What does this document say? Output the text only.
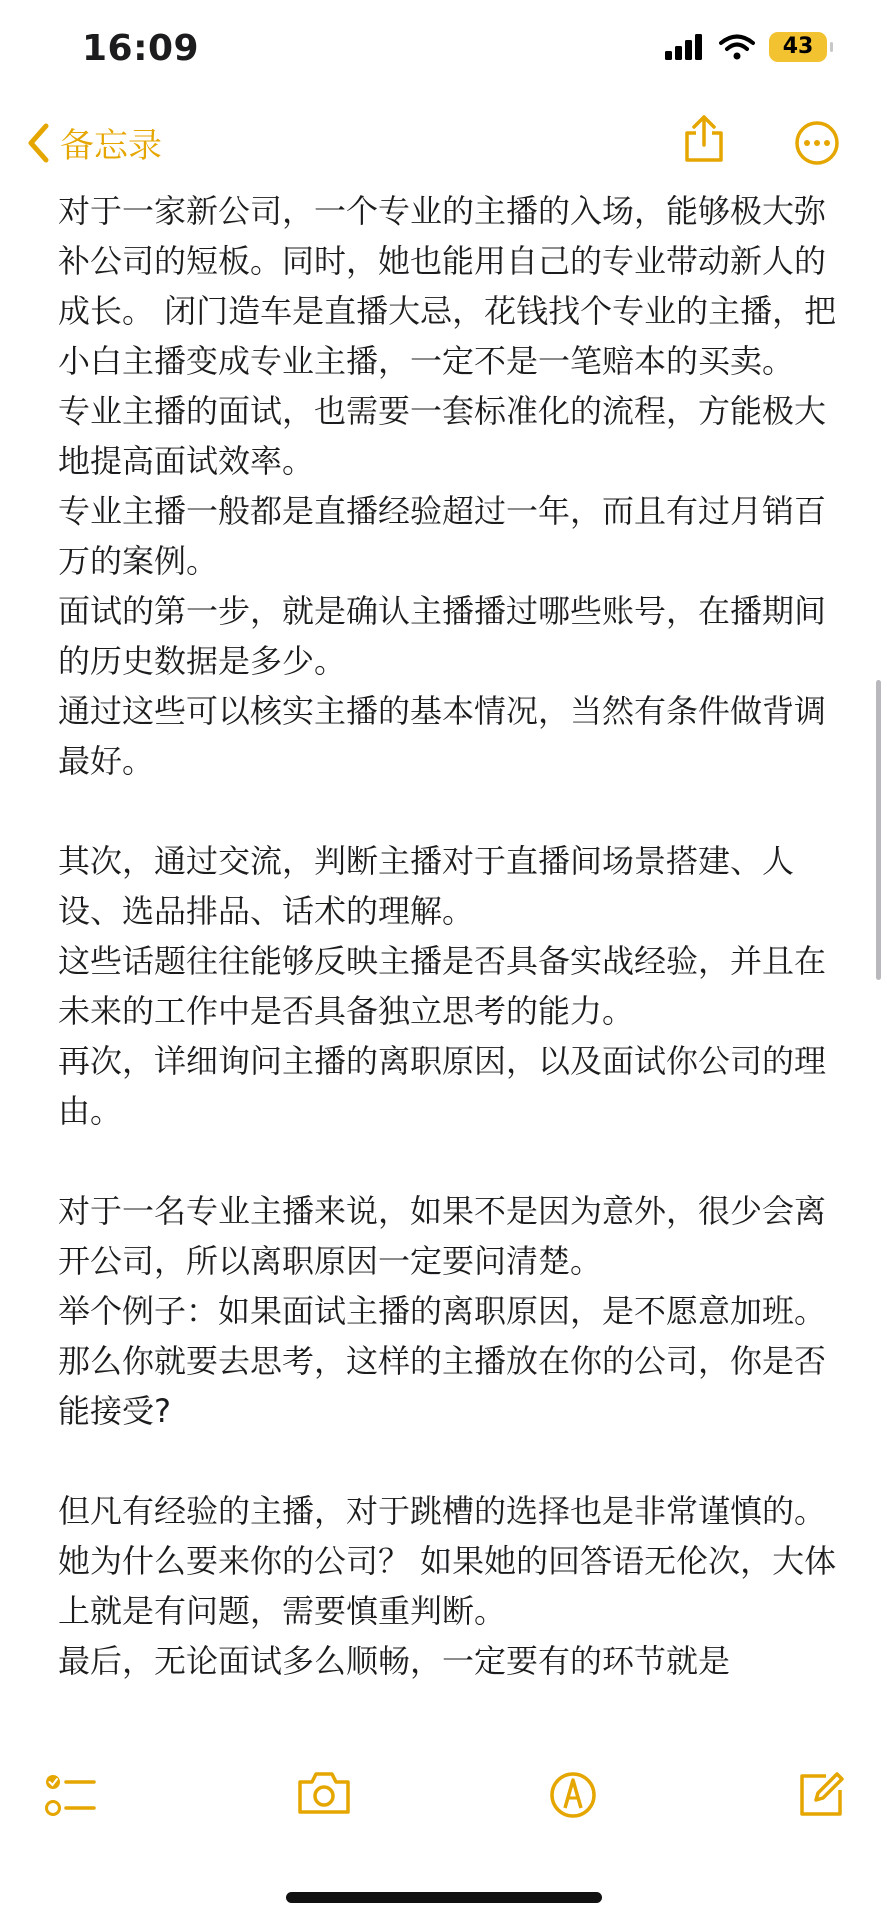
16:09	43
备忘录

对于一家新公司，一个专业的主播的入场，能够极大弥补公司的短板。同时，她也能用自己的专业带动新人的成长。 闭门造车是直播大忌，花钱找个专业的主播，把小白主播变成专业主播，一定不是一笔赔本的买卖。

专业主播的面试，也需要一套标准化的流程，方能极大地提高面试效率。

专业主播一般都是直播经验超过一年，而且有过月销百万的案例。

面试的第一步，就是确认主播播过哪些账号，在播期间的历史数据是多少。

通过这些可以核实主播的基本情况，当然有条件做背调最好。

其次，通过交流，判断主播对于直播间场景搭建、人设、选品排品、话术的理解。

这些话题往往能够反映主播是否具备实战经验，并且在未来的工作中是否具备独立思考的能力。

再次，详细询问主播的离职原因，以及面试你公司的理由。

对于一名专业主播来说，如果不是因为意外，很少会离开公司，所以离职原因一定要问清楚。

举个例子：如果面试主播的离职原因，是不愿意加班。 那么你就要去思考，这样的主播放在你的公司，你是否能接受?

但凡有经验的主播，对于跳槽的选择也是非常谨慎的。 她为什么要来你的公司？ 如果她的回答语无伦次，大体上就是有问题，需要慎重判断。

最后，无论面试多么顺畅，一定要有的环节就是
